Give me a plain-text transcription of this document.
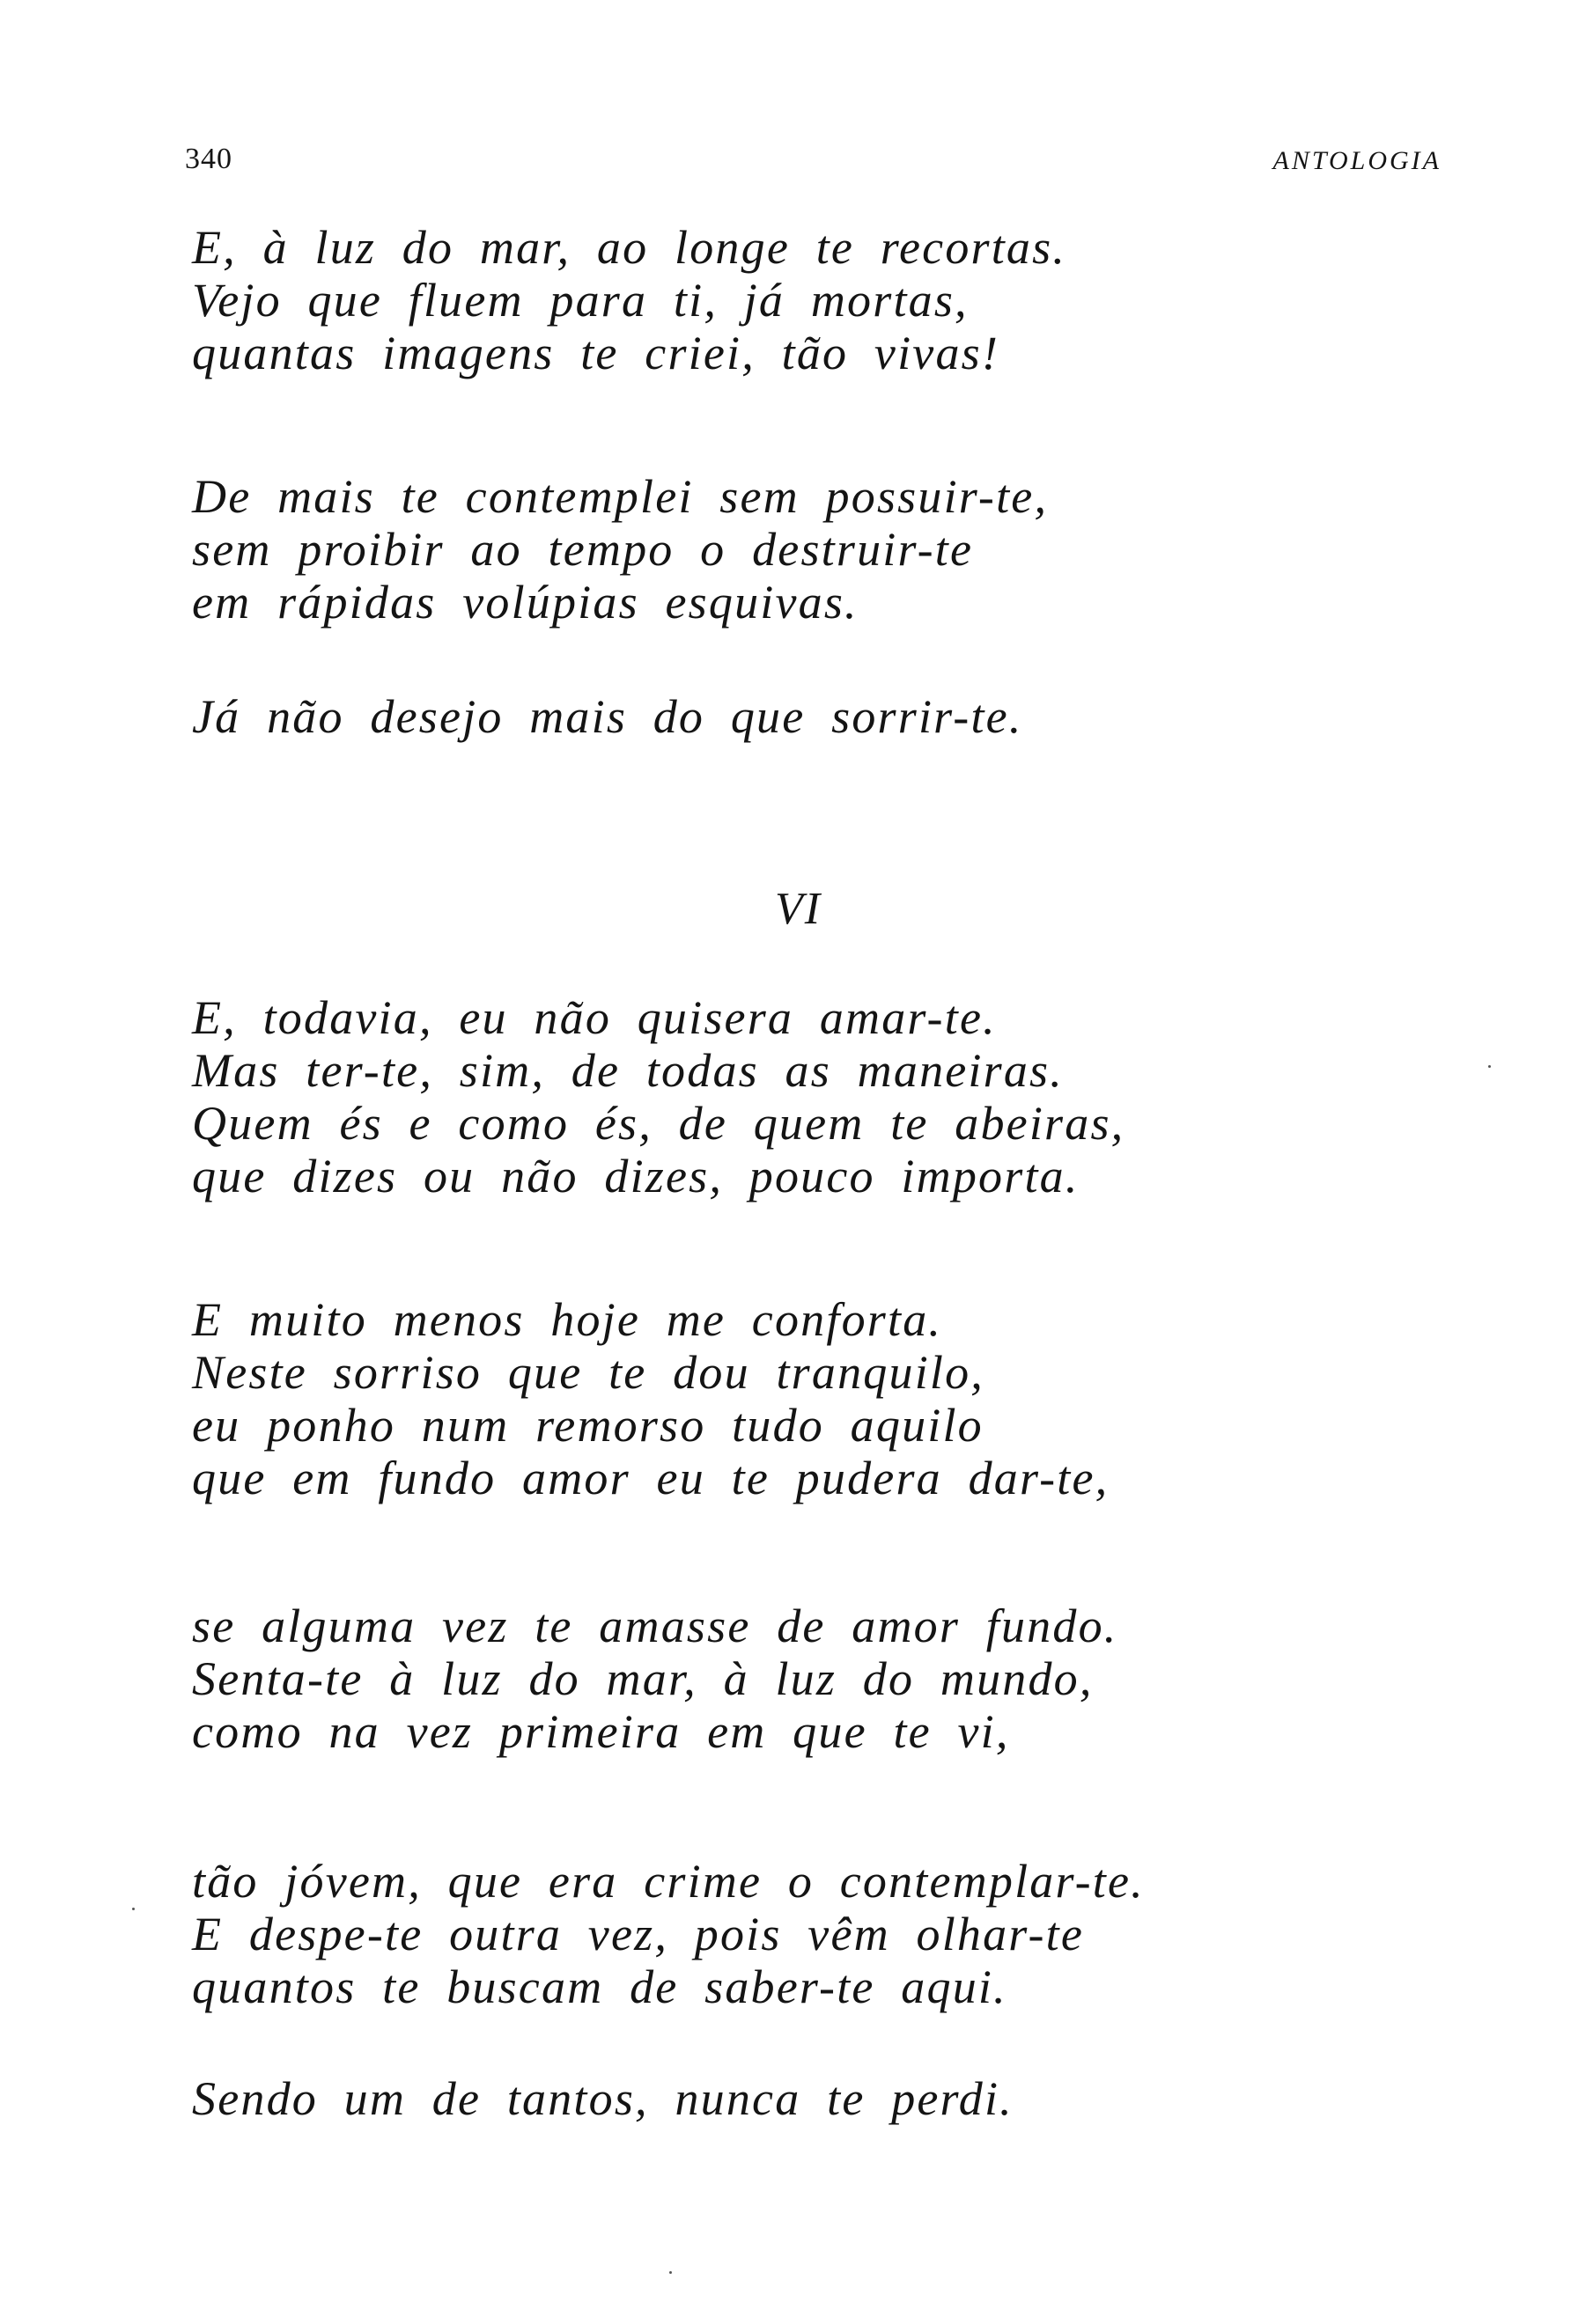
340	ANTOLOGIA
E, à luz do mar, ao longe te recortas.
Vejo que fluem para ti, já mortas,
quantas imagens te criei, tão vivas!
De mais te contemplei sem possuir-te,
sem proibir ao tempo o destruir-te
em rápidas volúpias esquivas.
Já não desejo mais do que sorrir-te.
VI
E, todavia, eu não quisera amar-te.
Mas ter-te, sim, de todas as maneiras.
Quem és e como és, de quem te abeiras,
que dizes ou não dizes, pouco importa.
E muito menos hoje me conforta.
Neste sorriso que te dou tranquilo,
eu ponho num remorso tudo aquilo
que em fundo amor eu te pudera dar-te,
se alguma vez te amasse de amor fundo.
Senta-te à luz do mar, à luz do mundo,
como na vez primeira em que te vi,
tão jóvem, que era crime o contemplar-te.
E despe-te outra vez, pois vêm olhar-te
quantos te buscam de saber-te aqui.
Sendo um de tantos, nunca te perdi.
